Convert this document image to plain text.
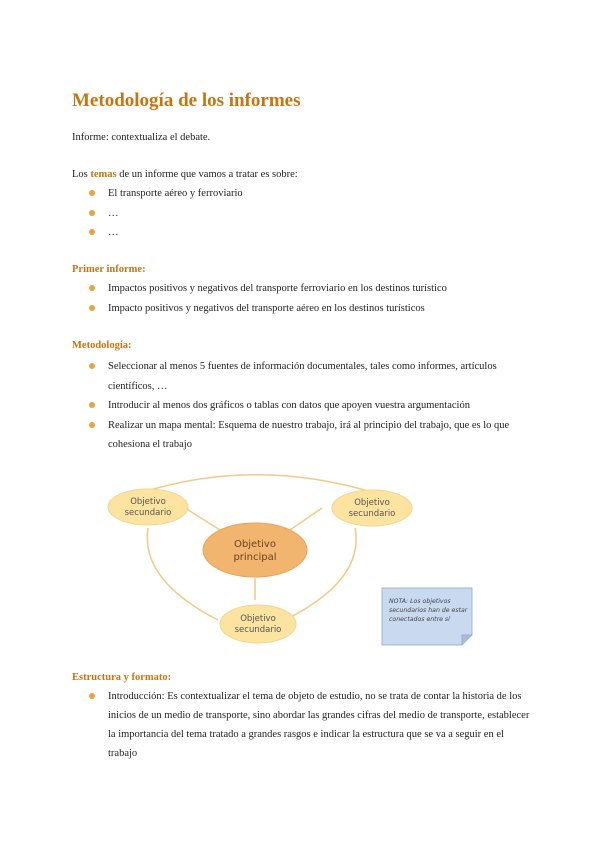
Metodología de los informes

Informe: contextualiza el debate.

Los temas de un informe que vamos a tratar es sobre:

El transporte aéreo y ferroviario
…
…

Primer informe:

Impactos positivos y negativos del transporte ferroviario en los destinos turístico
Impacto positivos y negativos del transporte aéreo en los destinos turísticos

Metodología:

Seleccionar al menos 5 fuentes de información documentales, tales como informes, artículos científicos, …
Introducir al menos dos gráficos o tablas con datos que apoyen vuestra argumentación
Realizar un mapa mental: Esquema de nuestro trabajo, irá al principio del trabajo, que es lo que cohesiona el trabajo
Objetivo
secundario
Objetivo
secundario
Objetivo
principal
Objetivo
secundario
NOTA: Los objetivos
secundarios han de estar
conectados entre sí

Estructura y formato:

Introducción: Es contextualizar el tema de objeto de estudio, no se trata de contar la historia de los inicios de un medio de transporte, sino abordar las grandes cifras del medio de transporte, establecer la importancia del tema tratado a grandes rasgos e indicar la estructura que se va a seguir en el trabajo
